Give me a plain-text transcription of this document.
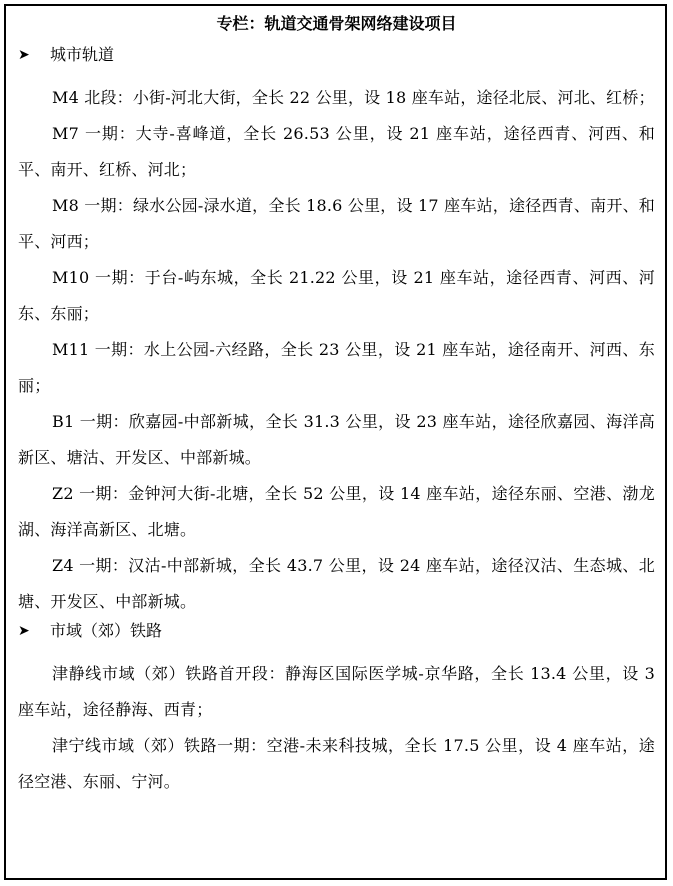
专栏：轨道交通骨架网络建设项目
➤	城市轨道
M4 北段：小街-河北大街，全长 22 公里，设 18 座车站，途径北辰、河北、红桥；
M7 一期：大寺-喜峰道，全长 26.53 公里，设 21 座车站，途径西青、河西、和平、南开、红桥、河北；
M8 一期：绿水公园-渌水道，全长 18.6 公里，设 17 座车站，途径西青、南开、和平、河西；
M10 一期：于台-屿东城，全长 21.22 公里，设 21 座车站，途径西青、河西、河东、东丽；
M11 一期：水上公园-六经路，全长 23 公里，设 21 座车站，途径南开、河西、东丽；
B1 一期：欣嘉园-中部新城，全长 31.3 公里，设 23 座车站，途径欣嘉园、海洋高新区、塘沽、开发区、中部新城。
Z2 一期：金钟河大街-北塘，全长 52 公里，设 14 座车站，途径东丽、空港、渤龙湖、海洋高新区、北塘。
Z4 一期：汉沽-中部新城，全长 43.7 公里，设 24 座车站，途径汉沽、生态城、北塘、开发区、中部新城。
➤	市域（郊）铁路
津静线市域（郊）铁路首开段：静海区国际医学城-京华路，全长 13.4 公里，设 3 座车站，途径静海、西青；
津宁线市域（郊）铁路一期：空港-未来科技城，全长 17.5 公里，设 4 座车站，途径空港、东丽、宁河。
